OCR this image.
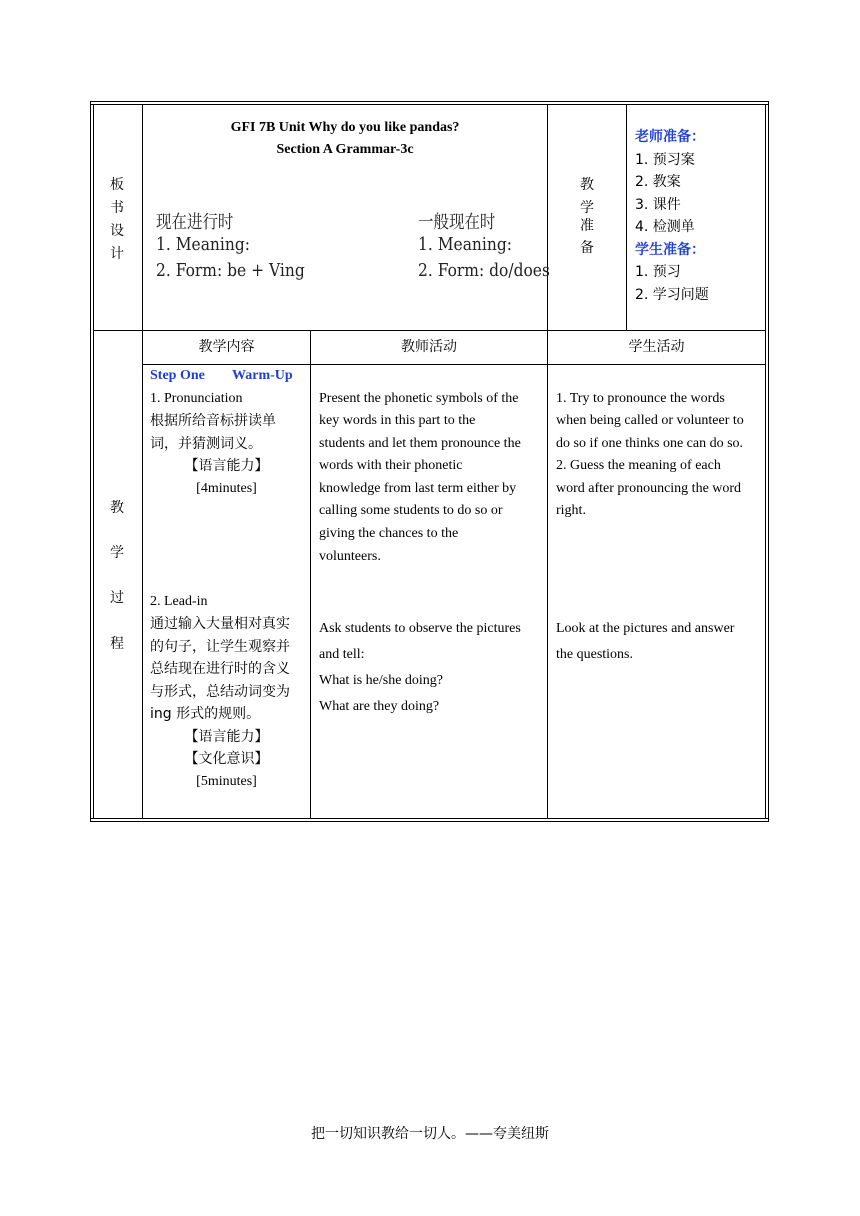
板
书
设
计
GFI 7B Unit Why do you like pandas?
Section A Grammar-3c
现在进行时
1. Meaning:
2. Form: be + Ving
一般现在时
1. Meaning:
2. Form: do/does
教
学
准
备
老师准备：
1. 预习案
2. 教案
3. 课件
4. 检测单
学生准备：
1. 预习
2. 学习问题
教
学
过
程
教学内容	教师活动	学生活动
Step One Warm-Up
1. Pronunciation
根据所给音标拼读单
词，并猜测词义。
【语言能力】
[4minutes]
2. Lead-in
通过输入大量相对真实
的句子，让学生观察并
总结现在进行时的含义
与形式，总结动词变为
ing 形式的规则。
【语言能力】
【文化意识】
[5minutes]
Present the phonetic symbols of the
key words in this part to the
students and let them pronounce the
words with their phonetic
knowledge from last term either by
calling some students to do so or
giving the chances to the
volunteers.
Ask students to observe the pictures
and tell:
What is he/she doing?
What are they doing?
1. Try to pronounce the words
when being called or volunteer to
do so if one thinks one can do so.
2. Guess the meaning of each
word after pronouncing the word
right.
Look at the pictures and answer
the questions.
把一切知识教给一切人。——夸美纽斯
